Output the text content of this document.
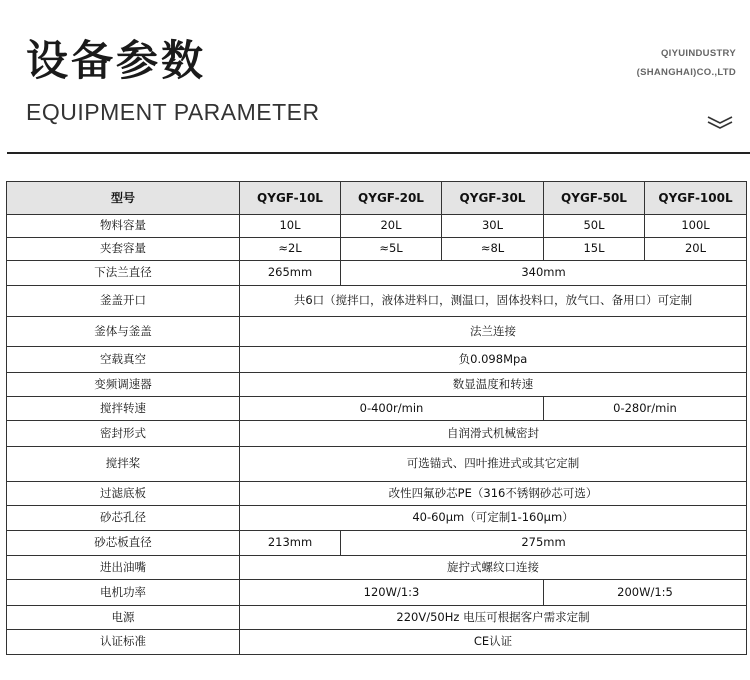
设备参数
EQUIPMENT PARAMETER
QIYUINDUSTRY
(SHANGHAI)CO.,LTD
型号	QYGF-10L	QYGF-20L	QYGF-30L	QYGF-50L	QYGF-100L
物料容量	10L	20L	30L	50L	100L
夹套容量	≈2L	≈5L	≈8L	15L	20L
下法兰直径	265mm	340mm			
釜盖开口	共6口（搅拌口，液体进料口，测温口，固体投料口，放气口、备用口）可定制				
釜体与釜盖	法兰连接				
空载真空	负0.098Mpa				
变频调速器	数显温度和转速				
搅拌转速	0-400r/min			0-280r/min	
密封形式	自润滑式机械密封				
搅拌桨	可选锚式、四叶推进式或其它定制				
过滤底板	改性四氟砂芯PE（316不锈钢砂芯可选）				
砂芯孔径	40-60μm（可定制1-160μm）				
砂芯板直径	213mm	275mm			
进出油嘴	旋拧式螺纹口连接				
电机功率	120W/1:3			200W/1:5	
电源	220V/50Hz 电压可根据客户需求定制				
认证标准	CE认证				
